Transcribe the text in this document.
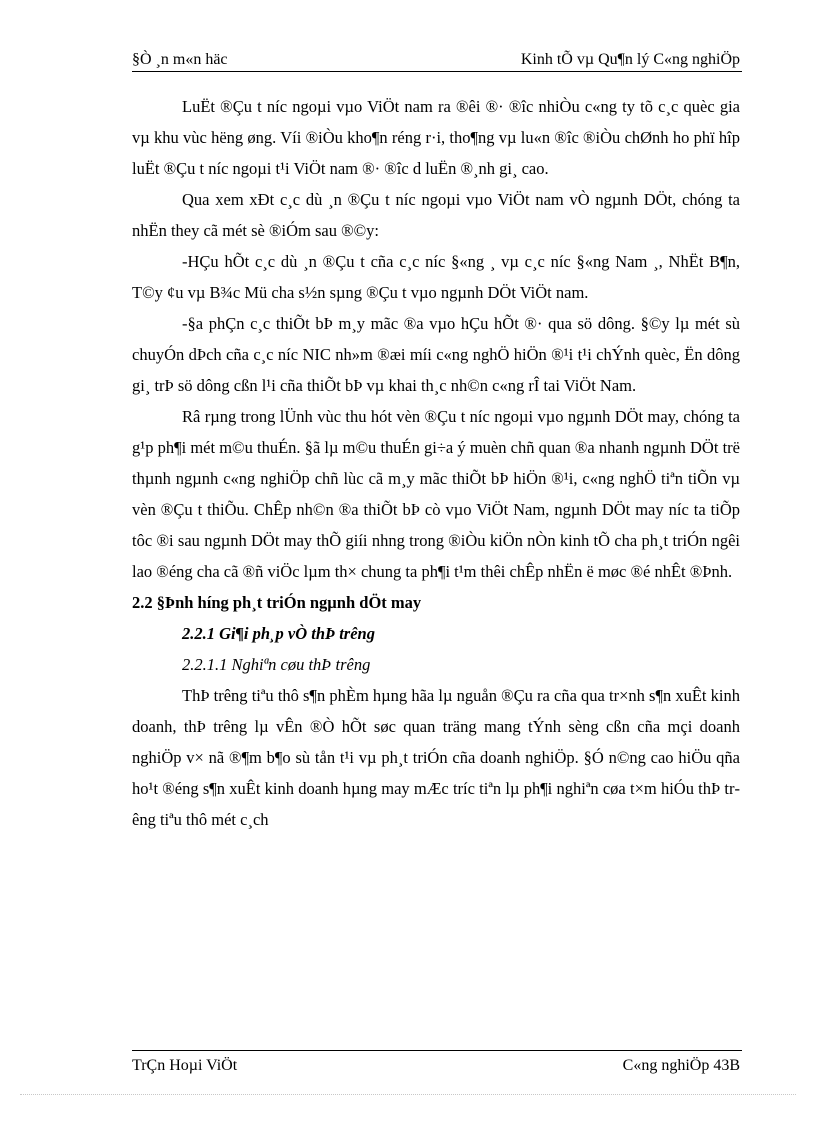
§Ò ¸n m«n häc	Kinh tÕ vµ Qu¶n lý C«ng nghiÖp

LuËt ®Çu t níc ngoµi vµo ViÖt nam ra ®êi ®· ®îc nhiÒu c«ng ty tõ c¸c quèc gia vµ khu vùc hëng øng. Víi ®iÒu kho¶n réng r·i, tho¶ng vµ lu«n ®îc ®iÒu chØnh ho phï hîp luËt ®Çu t níc ngoµi t¹i ViÖt nam ®· ®îc d luËn ®¸nh gi¸ cao.

Qua xem xÐt c¸c dù ¸n ®Çu t níc ngoµi vµo ViÖt nam vÒ ngµnh DÖt, chóng ta nhËn they cã mét sè ®iÓm sau ®©y:

-HÇu hÕt c¸c dù ¸n ®Çu t cña c¸c níc §«ng ¸ vµ c¸c níc §«ng Nam ¸, NhËt B¶n, T©y ¢u vµ B¾c Mü cha s½n sµng ®Çu t vµo ngµnh DÖt ViÖt nam.

-§a phÇn c¸c thiÕt bÞ m¸y mãc ®a vµo hÇu hÕt ®· qua sö dông. §©y lµ mét sù chuyÓn dÞch cña c¸c níc NIC nh»m ®æi míi c«ng nghÖ hiÖn ®¹i t¹i chÝnh quèc, Ën dông gi¸ trÞ sö dông cßn l¹i cña thiÕt bÞ vµ khai th¸c nh©n c«ng rÎ tai ViÖt Nam.

Râ rµng trong lÜnh vùc thu hót vèn ®Çu t níc ngoµi vµo ngµnh DÖt may, chóng ta g¹p ph¶i mét m©u thuÉn. §ã lµ m©u thuÉn gi÷a ý muèn chñ quan ®a nhanh ngµnh DÖt trë thµnh ngµnh c«ng nghiÖp chñ lùc cã m¸y mãc thiÕt bÞ hiÖn ®¹i, c«ng nghÖ tiªn tiÕn vµ vèn ®Çu t thiÕu. ChÊp nh©n ®a thiÕt bÞ cò vµo ViÖt Nam, ngµnh DÖt may níc ta tiÕp tôc ®i sau ngµnh DÖt may thÕ giíi nhng trong ®iÒu kiÖn nÒn kinh tÕ cha ph¸t triÓn ngêi lao ®éng cha cã ®ñ viÖc lµm th× chung ta ph¶i t¹m thêi chÊp nhËn ë møc ®é nhÊt ®Þnh.

2.2 §Þnh híng ph¸t triÓn ngµnh dÖt may

2.2.1 Gi¶i ph¸p vÒ thÞ trêng

2.2.1.1 Nghiªn cøu thÞ trêng

ThÞ trêng tiªu thô s¶n phÈm hµng hãa lµ nguån ®Çu ra cña qua tr×nh s¶n xuÊt kinh doanh, thÞ trêng lµ vÊn ®Ò hÕt søc quan träng mang tÝnh sèng cßn cña mçi doanh nghiÖp v× nã ®¶m b¶o sù tån t¹i vµ ph¸t triÓn cña doanh nghiÖp. §Ó n©ng cao hiÖu qña ho¹t ®éng s¶n xuÊt kinh doanh hµng may mÆc tríc tiªn lµ ph¶i nghiªn cøa t×m hiÓu thÞ trêng tiªu thô mét c¸ch

TrÇn Hoµi ViÖt	C«ng nghiÖp 43B
